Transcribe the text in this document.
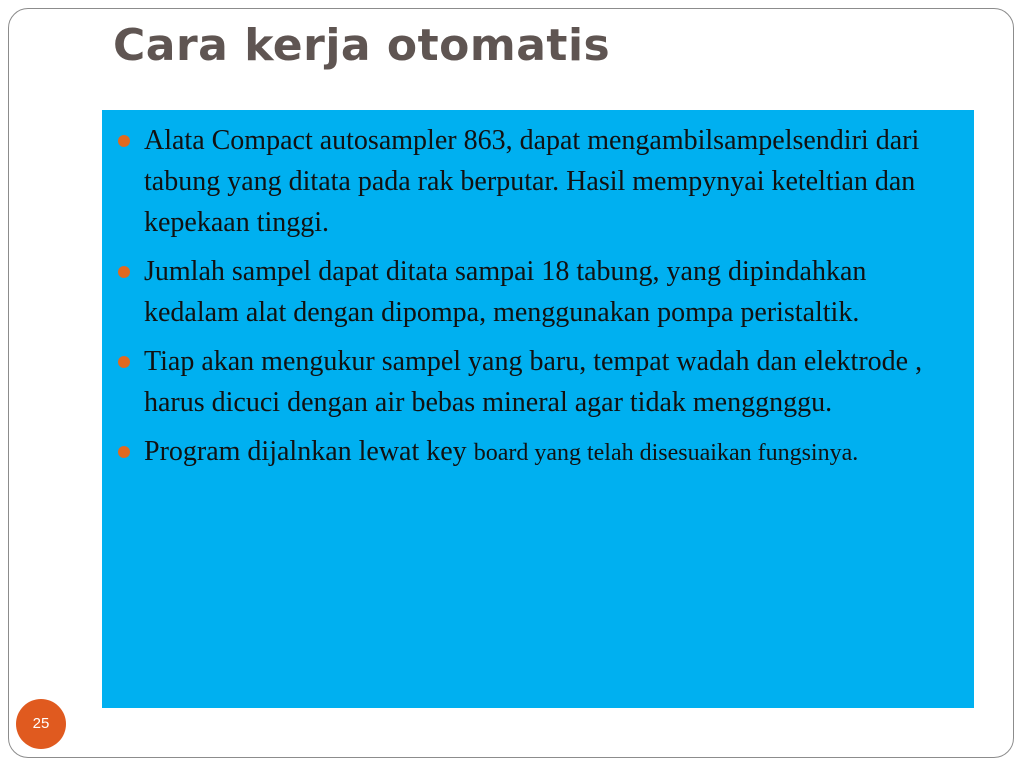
Cara kerja otomatis
Alata Compact autosampler 863, dapat mengambilsampelsendiri dari tabung yang ditata pada rak berputar. Hasil mempynyai keteltian dan kepekaan tinggi.
Jumlah sampel dapat ditata sampai 18 tabung, yang dipindahkan kedalam alat dengan dipompa, menggunakan pompa peristaltik.
Tiap akan mengukur sampel yang baru, tempat wadah dan elektrode , harus dicuci dengan air bebas mineral agar tidak menggnggu.
Program dijalnkan lewat key board yang telah disesuaikan fungsinya.
25
